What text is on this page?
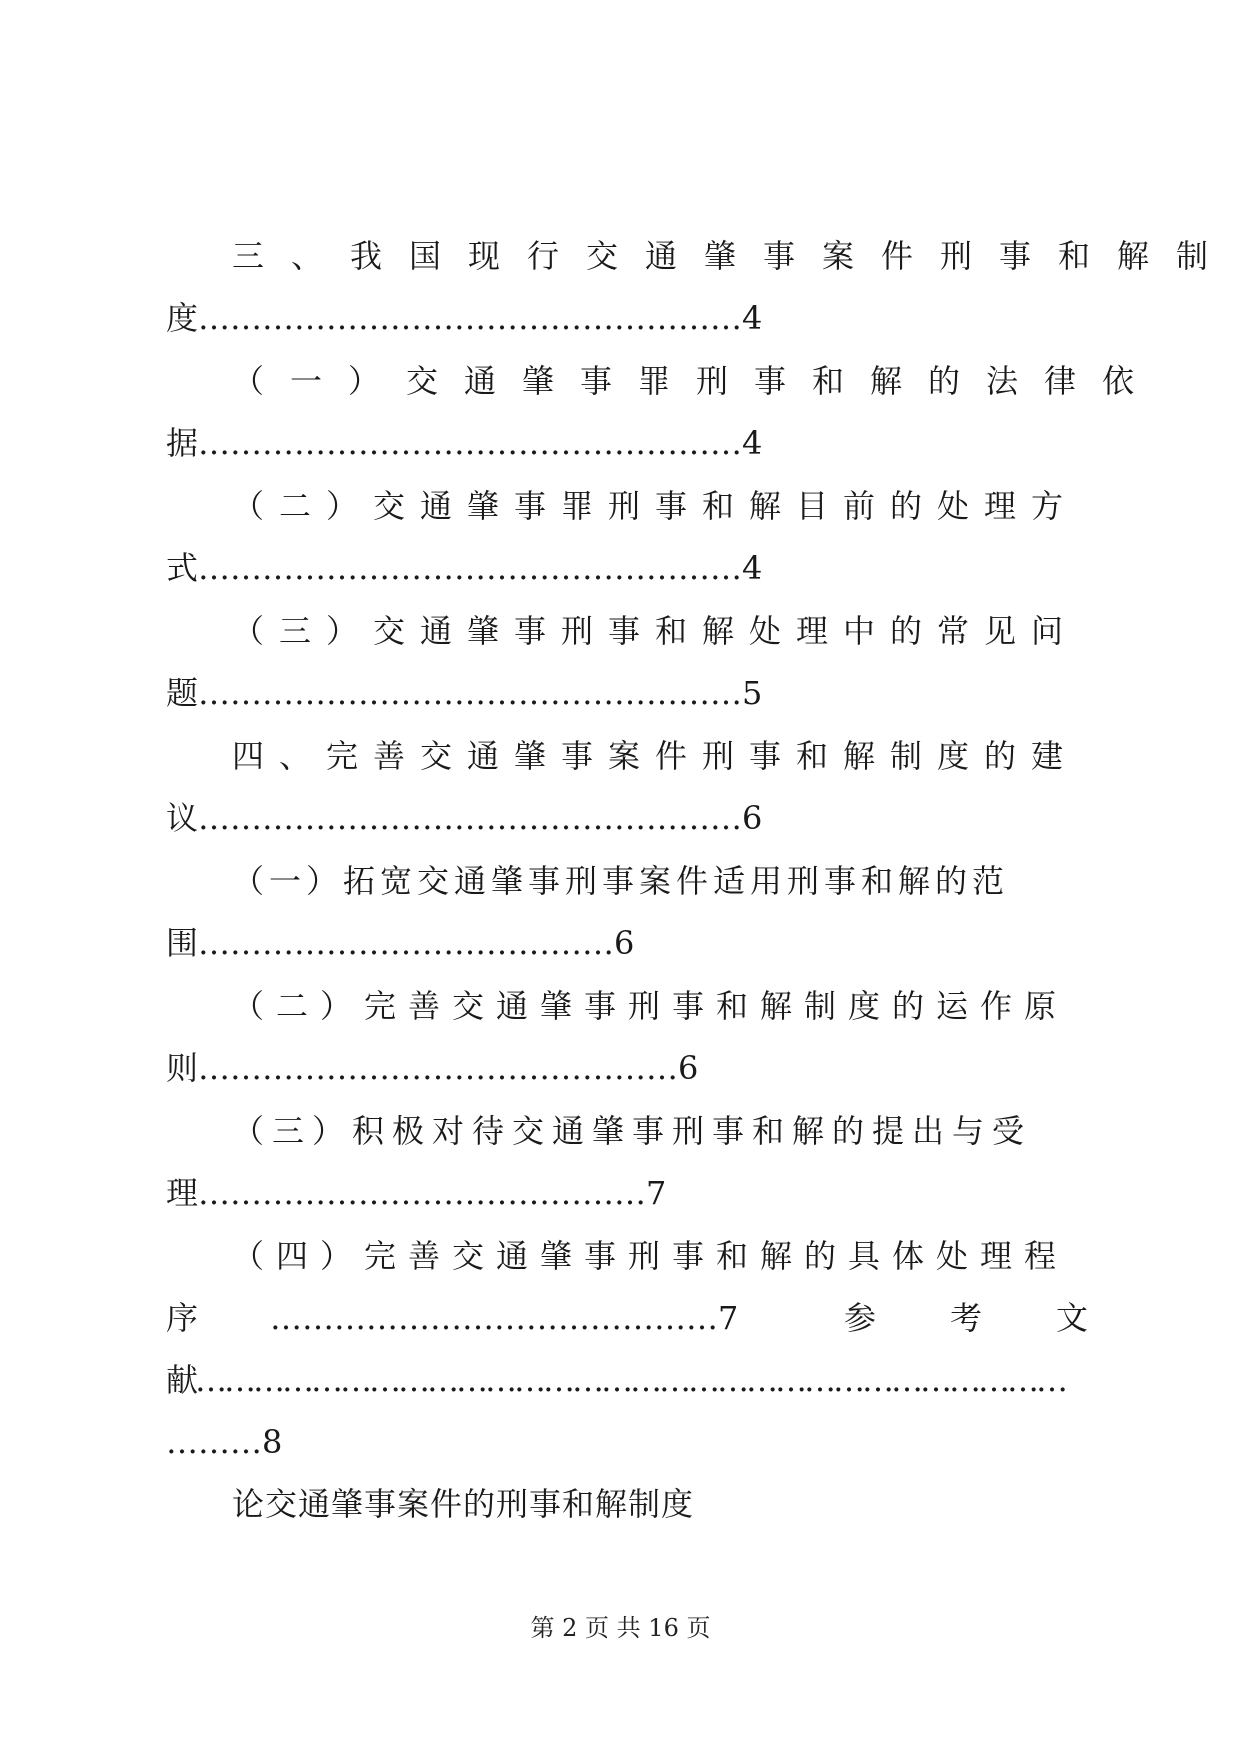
三、我国现行交通肇事案件刑事和解制
度……………………………………………4
（一）交通肇事罪刑事和解的法律依
据……………………………………………4
（二）交通肇事罪刑事和解目前的处理方
式……………………………………………4
（三）交通肇事刑事和解处理中的常见问
题……………………………………………5
四、完善交通肇事案件刑事和解制度的建
议……………………………………………6
（一）拓宽交通肇事刑事案件适用刑事和解的范
围…………………………………6
（二）完善交通肇事刑事和解制度的运作原
则………………………………………6
（三）积极对待交通肇事刑事和解的提出与受
理……………………………………7
（四）完善交通肇事刑事和解的具体处理程
序 ……………………………………7	参考文
献………………………………………………………………………………
………8
论交通肇事案件的刑事和解制度
第 2 页 共 16 页
